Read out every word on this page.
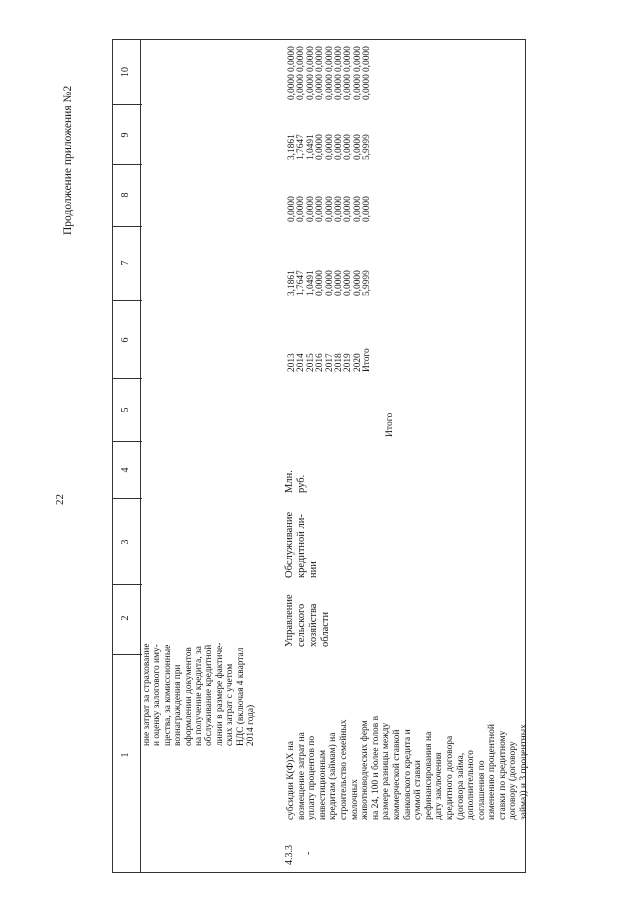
22
Продолжение приложения №2
1
2
3
4
5
6
7
8
9
10
ние затрат за страхование и оценку залогового иму- щества, за комиссионные вознаграждения при оформлении документов на получение кредита, за обслуживание кредитной линии в размере фактиче- ских затрат с учетом НДС (включая 4 квартал 2014 года)
4.3.3 -
субсидии К(Ф)Х на возмещение затрат на уплату процентов по инвестиционным кредитам (займам) на строительство семейных молочных животноводческих ферм на 24, 100 и более голов в размере разницы между коммерческой ставкой банковского кредита и суммой ставки рефинансирования на дату заключения кредитного договора (договора займа, дополнительного соглашения по изменению процентной ставки по кредитному договору (договору займа)) и 3 процентных
Управление сельского хозяйства области
Обслуживание кредитной ли- нии
Млн. руб.
Итого
2013 2014 2015 2016 2017 2018 2019 2020 Итого
3,1861 1,7647 1,0491 0,0000 0,0000 0,0000 0,0000 0,0000 5,9999
0,0000 0,0000 0,0000 0,0000 0,0000 0,0000 0,0000 0,0000 0,0000
3,1861 1,7647 1,0491 0,0000 0,0000 0,0000 0,0000 0,0000 5,9999
0,0000 0,0000 0,0000 0,0000 0,0000 0,0000 0,0000 0,0000 0,0000
0,0000 0,0000 0,0000 0,0000 0,0000 0,0000 0,0000 0,0000 0,0000
